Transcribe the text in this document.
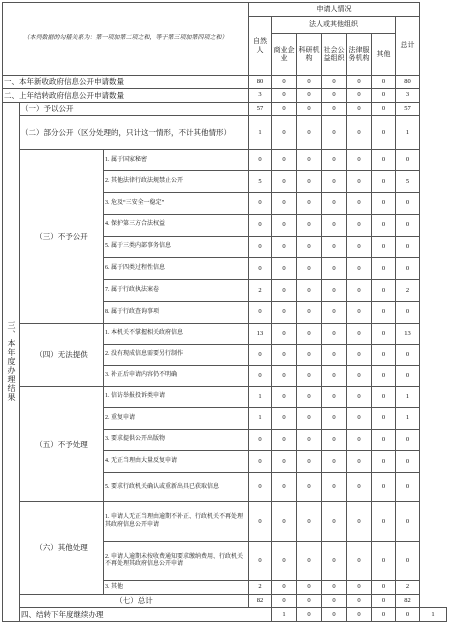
（本列数据的勾稽关系为：第一项加第二项之和，等于第三项加第四项之和）			申请人情况							
			自然人	法人或其他组织					总计	
				商业企业	科研机构	社会公益组织	法律服务机构	其他		
一、本年新收政府信息公开申请数量			80	0	0	0	0	0	80	
二、上年结转政府信息公开申请数量			3	0	0	0	0	0	3	
三、本年度办理结果	（一）予以公开		57	0	0	0	0	0	57	
	（二）部分公开（区分处理的，只计这一情形，不计其他情形）		1	0	0	0	0	0	1	
	（三）不予公开	1. 属于国家秘密	0	0	0	0	0	0	0	
		2. 其他法律行政法规禁止公开	5	0	0	0	0	0	5	
		3. 危及“三安全一稳定”	0	0	0	0	0	0	0	
		4. 保护第三方合法权益	0	0	0	0	0	0	0	
		5. 属于三类内部事务信息	0	0	0	0	0	0	0	
		6. 属于四类过程性信息	0	0	0	0	0	0	0	
		7. 属于行政执法案卷	2	0	0	0	0	0	2	
		8. 属于行政查询事项	0	0	0	0	0	0	0	
	（四）无法提供	1. 本机关不掌握相关政府信息	13	0	0	0	0	0	13	
		2. 没有现成信息需要另行制作	0	0	0	0	0	0	0	
		3. 补正后申请内容仍不明确	0	0	0	0	0	0	0	
	（五）不予处理	1. 信访举报投诉类申请	1	0	0	0	0	0	1	
		2. 重复申请	1	0	0	0	0	0	1	
		3. 要求提供公开出版物	0	0	0	0	0	0	0	
		4. 无正当理由大量反复申请	0	0	0	0	0	0	0	
		5. 要求行政机关确认或重新出具已获取信息	0	0	0	0	0	0	0	
	（六）其他处理	1. 申请人无正当理由逾期不补正、行政机关不再处理其政府信息公开申请	0	0	0	0	0	0	0	
		2. 申请人逾期未按收费通知要求缴纳费用、行政机关不再处理其政府信息公开申请	0	0	0	0	0	0	0	
		3. 其他	2	0	0	0	0	0	2	
	（七）总计		82	0	0	0	0	0	82	
	四、结转下年度继续办理			1	0	0	0	0	0	1
